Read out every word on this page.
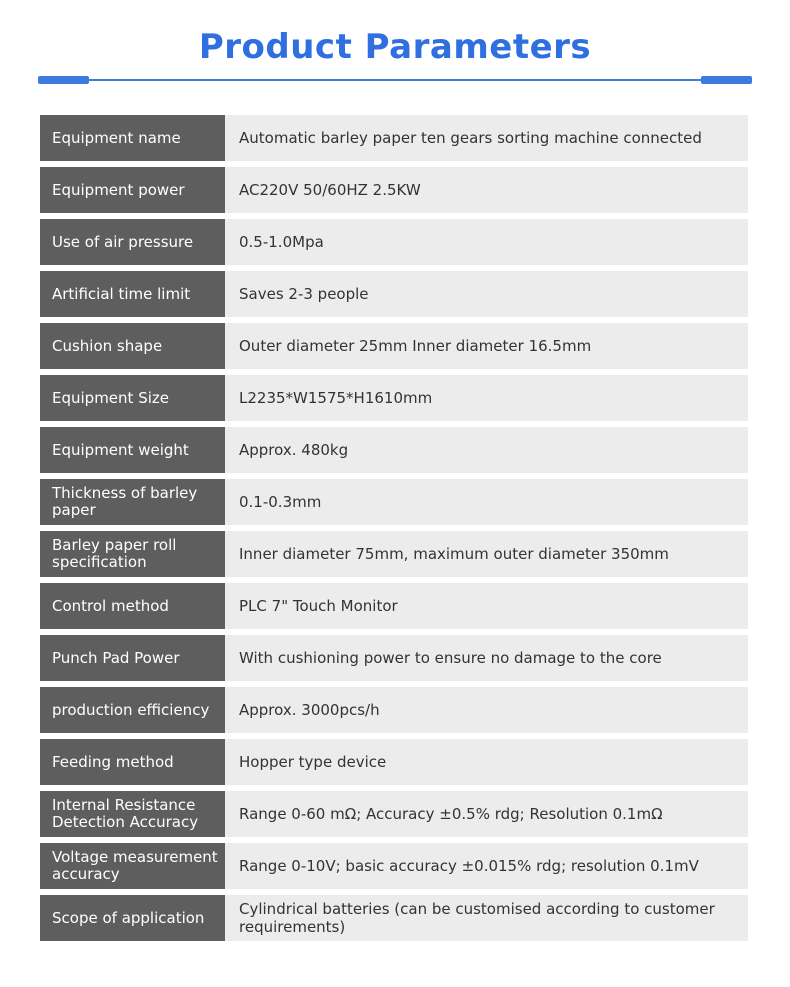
Product Parameters
Equipment name	Automatic barley paper ten gears sorting machine connected
Equipment power	AC220V 50/60HZ 2.5KW
Use of air pressure	0.5-1.0Mpa
Artificial time limit	Saves 2-3 people
Cushion shape	Outer diameter 25mm Inner diameter 16.5mm
Equipment Size	L2235*W1575*H1610mm
Equipment weight	Approx. 480kg
Thickness of barley paper	0.1-0.3mm
Barley paper roll specification	Inner diameter 75mm, maximum outer diameter 350mm
Control method	PLC 7" Touch Monitor
Punch Pad Power	With cushioning power to ensure no damage to the core
production efficiency	Approx. 3000pcs/h
Feeding method	Hopper type device
Internal Resistance Detection Accuracy	Range 0-60 mΩ; Accuracy ±0.5% rdg; Resolution 0.1mΩ
Voltage measurement accuracy	Range 0-10V; basic accuracy ±0.015% rdg; resolution 0.1mV
Scope of application	Cylindrical batteries (can be customised according to customer requirements)
